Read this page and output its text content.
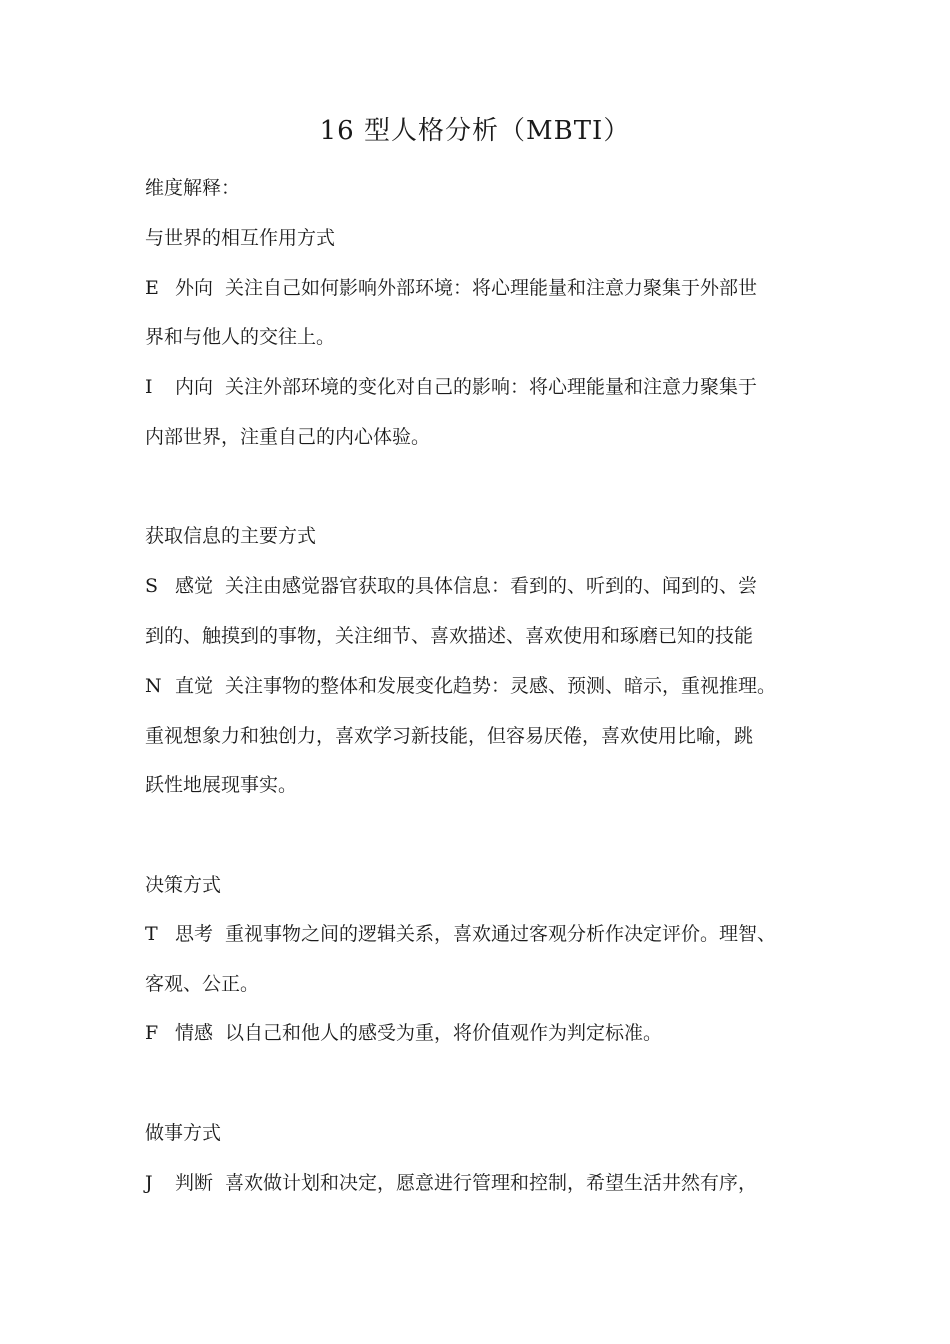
16 型人格分析（MBTI）
维度解释：
与世界的相互作用方式
E 外向 关注自己如何影响外部环境：将心理能量和注意力聚集于外部世
界和与他人的交往上。
I 内向 关注外部环境的变化对自己的影响：将心理能量和注意力聚集于
内部世界，注重自己的内心体验。
获取信息的主要方式
S 感觉 关注由感觉器官获取的具体信息：看到的、听到的、闻到的、尝
到的、触摸到的事物，关注细节、喜欢描述、喜欢使用和琢磨已知的技能
N 直觉 关注事物的整体和发展变化趋势：灵感、预测、暗示，重视推理。
重视想象力和独创力，喜欢学习新技能，但容易厌倦，喜欢使用比喻，跳
跃性地展现事实。
决策方式
T 思考 重视事物之间的逻辑关系，喜欢通过客观分析作决定评价。理智、
客观、公正。
F 情感 以自己和他人的感受为重，将价值观作为判定标准。
做事方式
J 判断 喜欢做计划和决定，愿意进行管理和控制，希望生活井然有序，
